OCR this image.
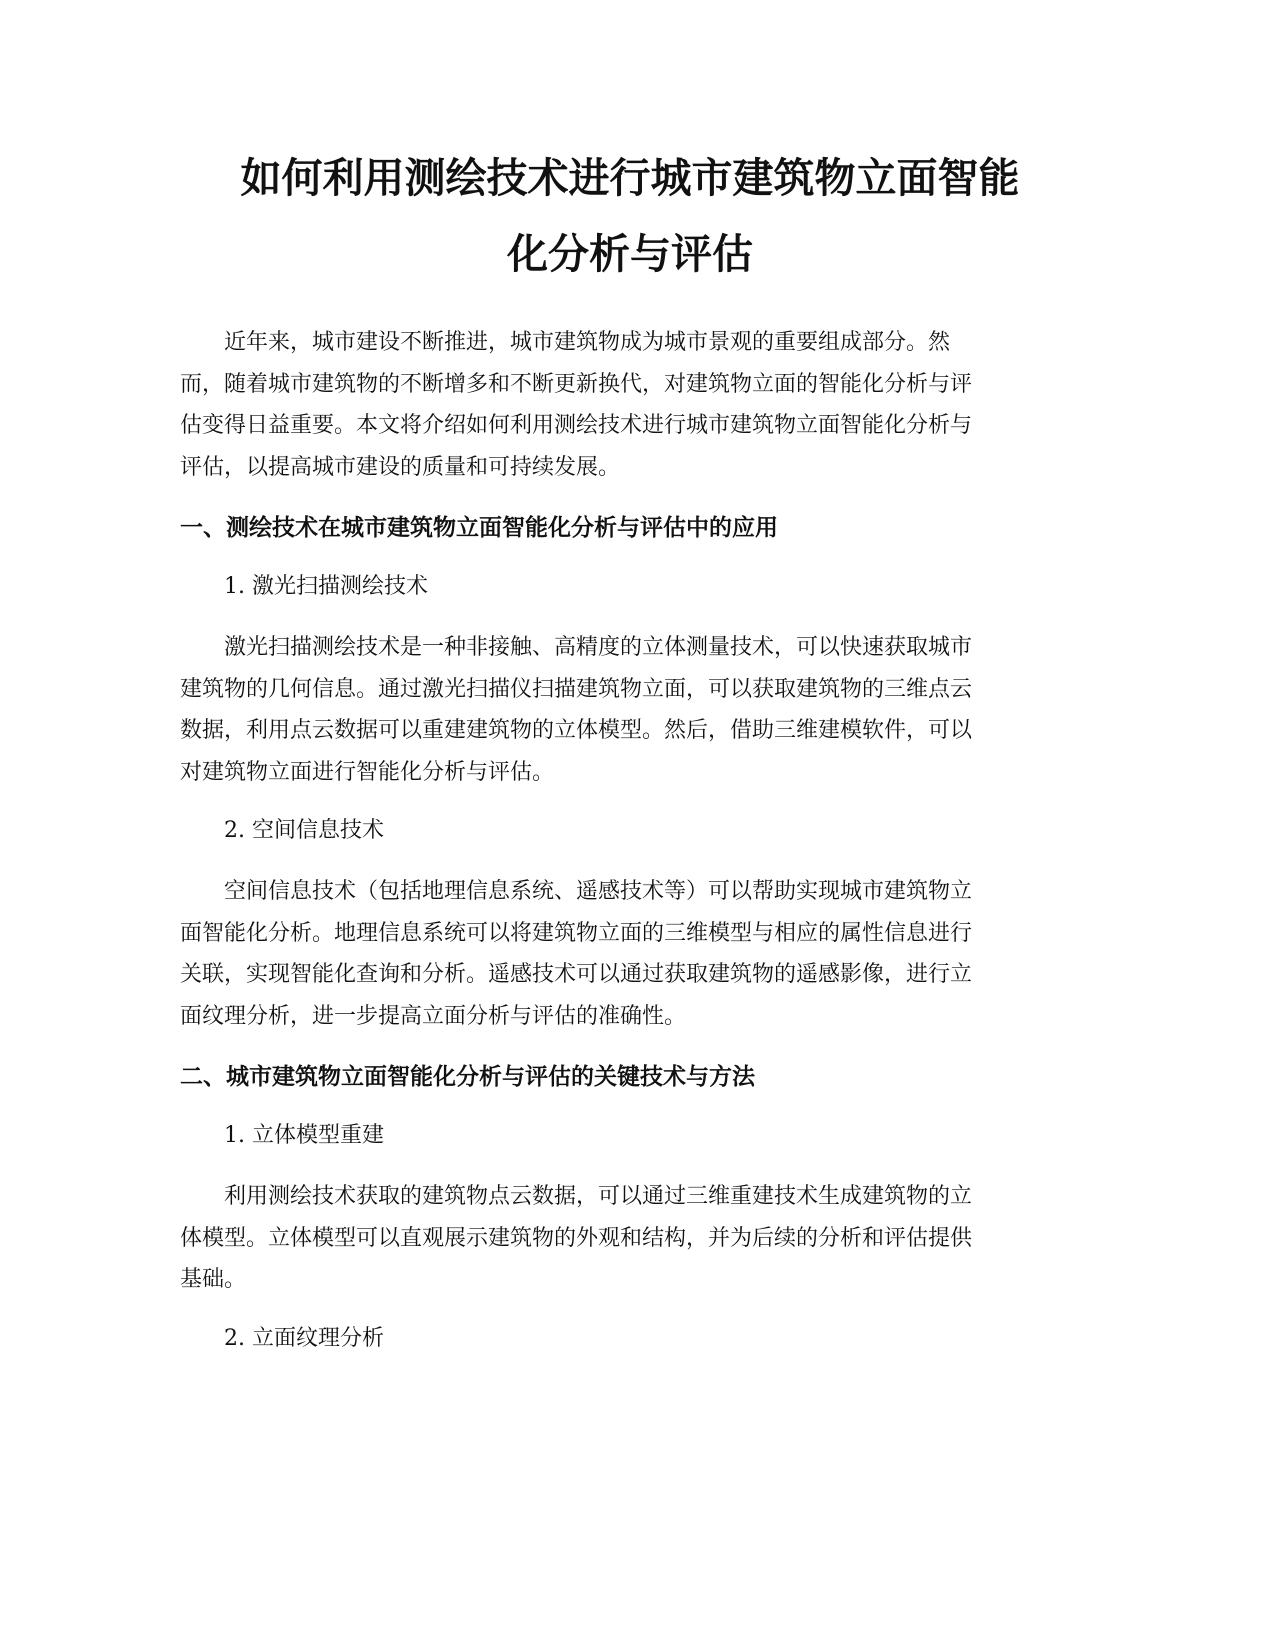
如何利用测绘技术进行城市建筑物立面智能
化分析与评估

近年来，城市建设不断推进，城市建筑物成为城市景观的重要组成部分。然
而，随着城市建筑物的不断增多和不断更新换代，对建筑物立面的智能化分析与评
估变得日益重要。本文将介绍如何利用测绘技术进行城市建筑物立面智能化分析与
评估，以提高城市建设的质量和可持续发展。

一、测绘技术在城市建筑物立面智能化分析与评估中的应用

1. 激光扫描测绘技术

激光扫描测绘技术是一种非接触、高精度的立体测量技术，可以快速获取城市
建筑物的几何信息。通过激光扫描仪扫描建筑物立面，可以获取建筑物的三维点云
数据，利用点云数据可以重建建筑物的立体模型。然后，借助三维建模软件，可以
对建筑物立面进行智能化分析与评估。

2. 空间信息技术

空间信息技术（包括地理信息系统、遥感技术等）可以帮助实现城市建筑物立
面智能化分析。地理信息系统可以将建筑物立面的三维模型与相应的属性信息进行
关联，实现智能化查询和分析。遥感技术可以通过获取建筑物的遥感影像，进行立
面纹理分析，进一步提高立面分析与评估的准确性。

二、城市建筑物立面智能化分析与评估的关键技术与方法

1. 立体模型重建

利用测绘技术获取的建筑物点云数据，可以通过三维重建技术生成建筑物的立
体模型。立体模型可以直观展示建筑物的外观和结构，并为后续的分析和评估提供
基础。

2. 立面纹理分析
